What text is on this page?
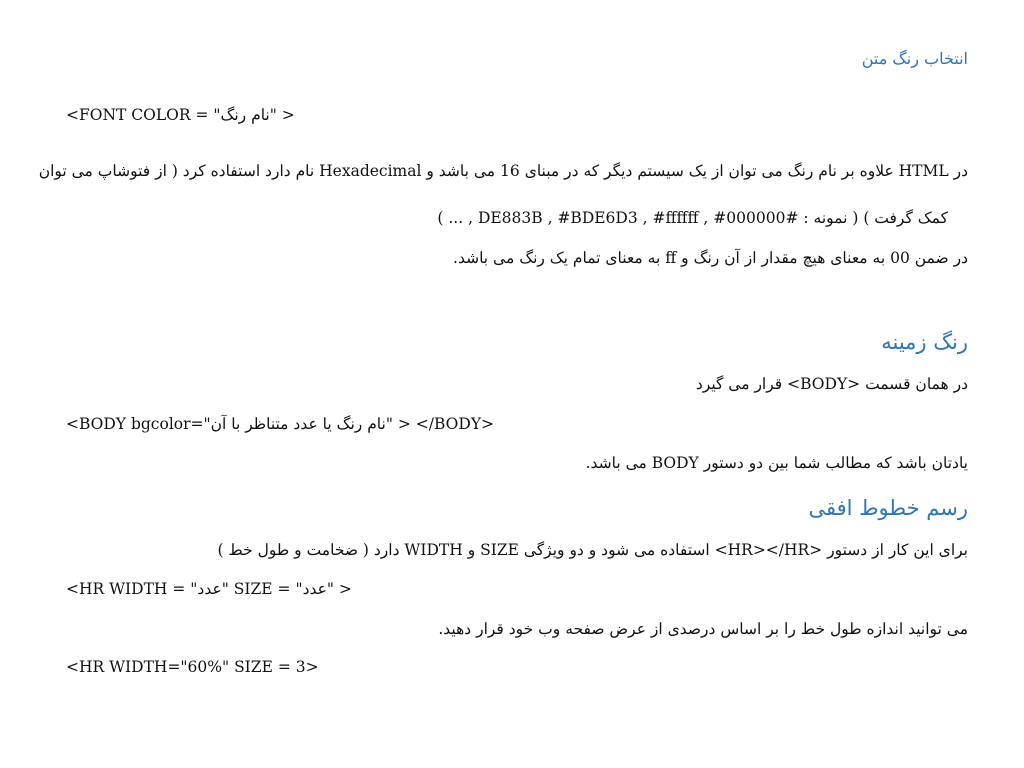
انتخاب رنگ متن
<FONT COLOR = "نام رنگ" >
در HTML علاوه بر نام رنگ می توان از یک سیستم دیگر که در مبنای 16 می باشد و Hexadecimal نام دارد استفاده کرد ( از فتوشاپ می توان
کمک گرفت ) ( نمونه : #DE883B , #BDE6D3 , #ffffff , #000000 , ... )
در ضمن 00 به معنای هیچ مقدار از آن رنگ و ff به معنای تمام یک رنگ می باشد.
رنگ زمینه
در همان قسمت <BODY> قرار می گیرد
<BODY bgcolor="نام رنگ یا عدد متناظر با آن" > </BODY>
یادتان باشد که مطالب شما بین دو دستور BODY می باشد.
رسم خطوط افقی
برای این کار از دستور <HR></HR> استفاده می شود و دو ویژگی SIZE و WIDTH دارد ( ضخامت و طول خط )
<HR WIDTH = "عدد" SIZE = "عدد" >
می توانید اندازه طول خط را بر اساس درصدی از عرض صفحه وب خود قرار دهید.
<HR WIDTH="60%" SIZE = 3>
